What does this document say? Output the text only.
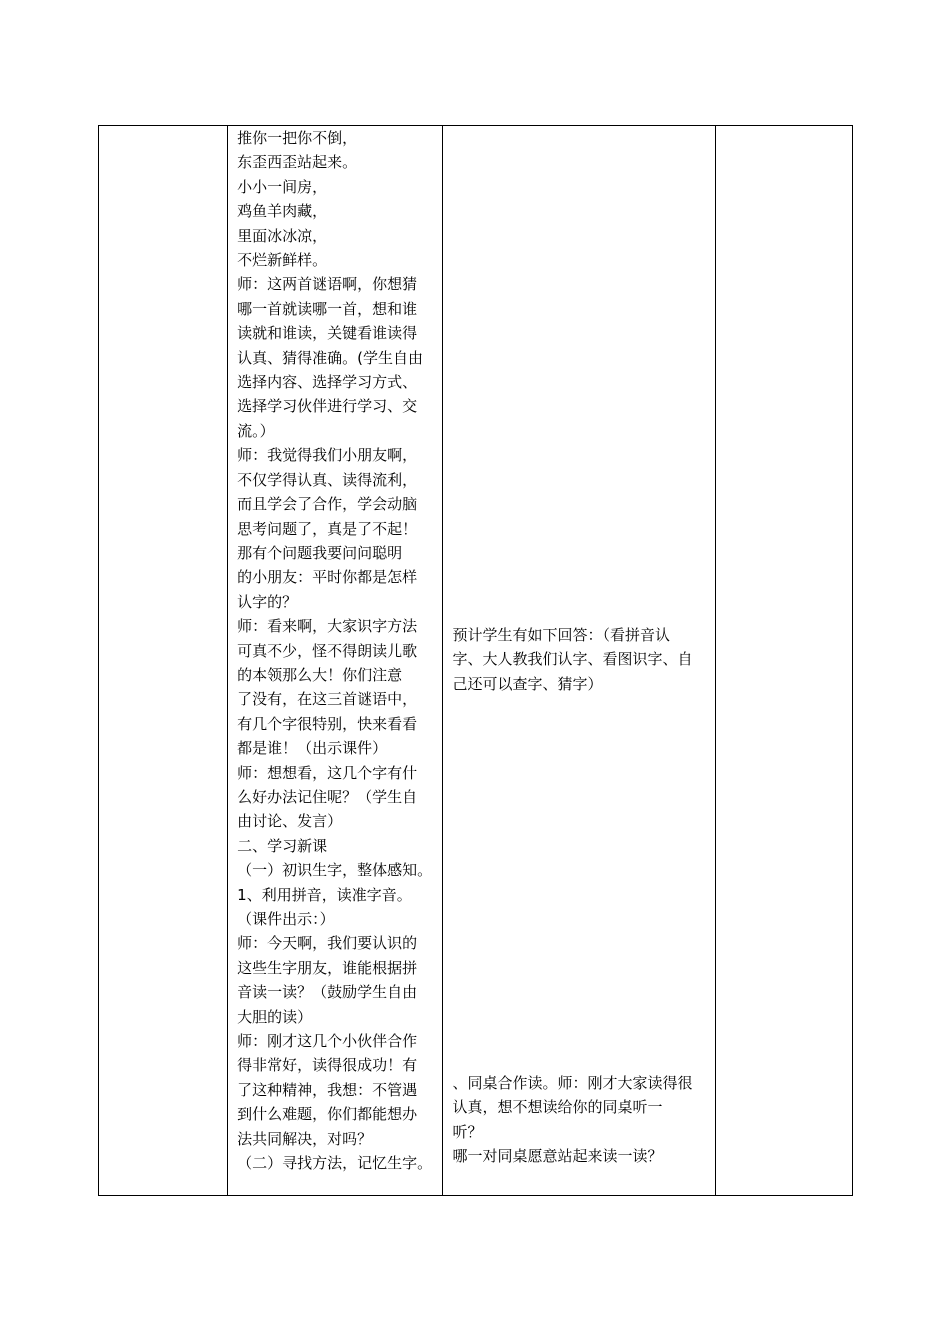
推你一把你不倒，
东歪西歪站起来。
小小一间房，
鸡鱼羊肉藏，
里面冰冰凉，
不烂新鲜样。
师：这两首谜语啊，你想猜
哪一首就读哪一首，想和谁
读就和谁读，关键看谁读得
认真、猜得准确。(学生自由
选择内容、选择学习方式、
选择学习伙伴进行学习、交
流。）
师：我觉得我们小朋友啊，
不仅学得认真、读得流利，
而且学会了合作，学会动脑
思考问题了，真是了不起！
那有个问题我要问问聪明
的小朋友：平时你都是怎样
认字的？
师：看来啊，大家识字方法
可真不少，怪不得朗读儿歌
的本领那么大！你们注意
了没有，在这三首谜语中，
有几个字很特别，快来看看
都是谁！（出示课件）
师：想想看，这几个字有什
么好办法记住呢？（学生自
由讨论、发言）
二、学习新课
（一）初识生字，整体感知。
1、利用拼音，读准字音。
（课件出示：）
师：今天啊，我们要认识的
这些生字朋友，谁能根据拼
音读一读？（鼓励学生自由
大胆的读）
师：刚才这几个小伙伴合作
得非常好，读得很成功！有
了这种精神，我想：不管遇
到什么难题，你们都能想办
法共同解决，对吗？
（二）寻找方法，记忆生字。

预计学生有如下回答：（看拼音认
字、大人教我们认字、看图识字、自
己还可以查字、猜字）
、同桌合作读。师：刚才大家读得很
认真，想不想读给你的同桌听一
听？
哪一对同桌愿意站起来读一读？
